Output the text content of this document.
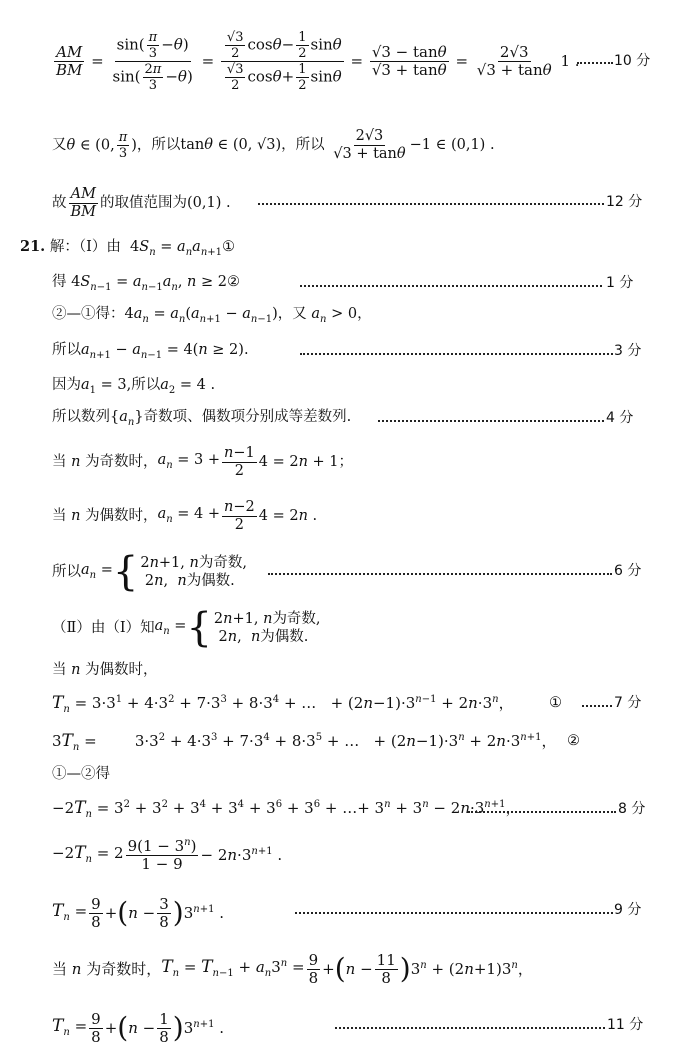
$\frac{AM}{BM} = \frac{\sin( \frac{\pi}{3} -\theta)}{\sin( \frac{2\pi}{3} -\theta)} = \frac{\frac{√3}{2} \cos\theta- \frac{1}{2} \sin\theta}{\frac{√3}{2} \cos\theta+ \frac{1}{2} \sin\theta} = \frac{√3 - \tan\theta}{√3 + \tan\theta} = \frac{2√3}{√3 + \tan\theta} 1$ . 10 分
又 θ ∈ (0, $\frac{\pi}{3}$ )， 所以 tanθ ∈ (0, √3)， 所以
$\frac{2√3}{√3 + \tan\theta} -1$ ∈ (0,1) .
故 $\frac{AM}{BM}$ 的取值范围为 (0,1) .	12 分
21. 解：（Ⅰ）由  $4S_n$ = $a_na_{n+1}①$
得 $4S_{n-1} = a_{n-1}a_n$, n ≥ 2②	1 分
②—①得：$4a_n = a_n(a_{n+1} - a_{n-1})$，又 $a_n > 0$，
所以$a_{n+1} - a_{n-1} = 4(n \ge 2)$.	3 分
因为$a_1 = 3$,所以$a_2 = 4$ .
所以数列$\{a_n\}$奇数项、偶数项分别成等差数列.	4 分
当 n 为奇数时， $a_n = 3 + \frac{n-1}{2} 4 = 2n + 1$；
当 n 为偶数时， $a_n = 4 + \frac{n-2}{2} 4 = 2n$ .
所以 $a_n$ = { 2n+1, n为奇数,
2n,  n为偶数.
6 分
（Ⅱ） 由 （Ⅰ） 知 $a_n$ = { 2n+1, n为奇数,
2n,  n为偶数.
当 n 为偶数时，
$T_n = 3\cdot 3^1 + 4\cdot 3^2 + 7\cdot 3^3 + 8\cdot 3^4$ + …   + $(2n-1)\cdot 3^{n-1} + 2n\cdot 3^n$， ①	7 分
$3T_n$ =        $3\cdot 3^2 + 4\cdot 3^3 + 7\cdot 3^4 + 8\cdot 3^5$ + …   + $(2n-1)\cdot 3^n + 2n\cdot 3^{n+1}$， ②
①—②得
$-2T_n = 3^2 + 3^2 + 3^4 + 3^4 + 3^6 + 3^6$ + …+ $3^n + 3^n - 2n\cdot 3^{n+1}$，	8 分
$-2T_n = 2 \frac{9(1 - 3^n)}{1 - 9} - 2n\cdot 3^{n+1}$ .
$T_n = \frac{9}{8}$ + ( $n - \frac{3}{8}$ ) $3^{n+1}$ .	9 分
当 n 为奇数时， $T_n = T_{n-1} + a_n3^n = \frac{9}{8}$ + ( $n - \frac{11}{8}$ ) $3^n + (2n+1)3^n$，
$T_n = \frac{9}{8}$ + ( $n - \frac{1}{8}$ ) $3^{n+1}$ .	11 分
